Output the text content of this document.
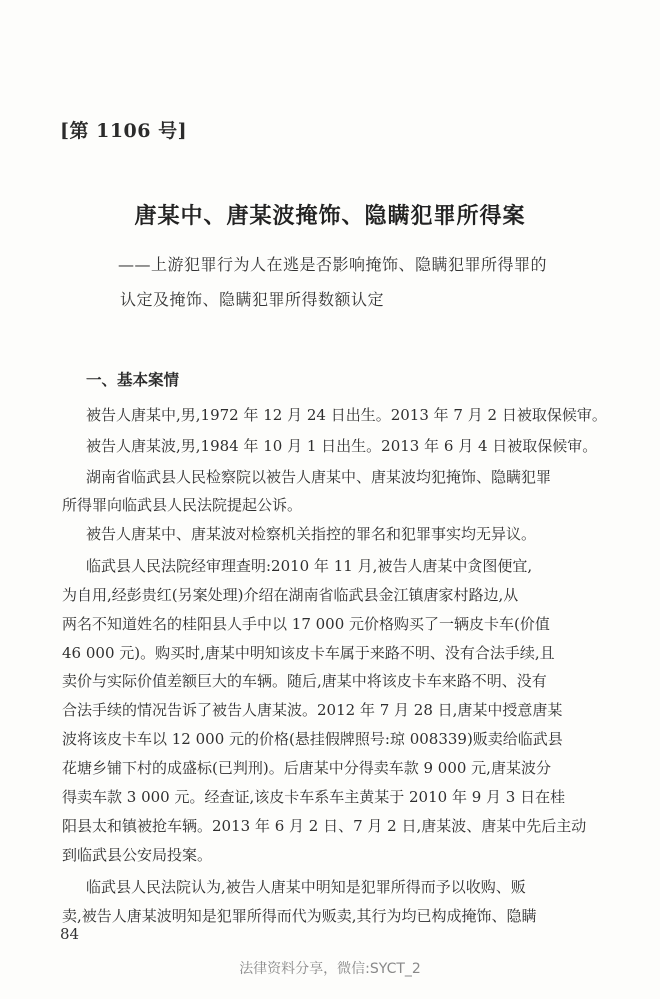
[第 1106 号]
唐某中、唐某波掩饰、隐瞒犯罪所得案
——上游犯罪行为人在逃是否影响掩饰、隐瞒犯罪所得罪的
认定及掩饰、隐瞒犯罪所得数额认定
一、基本案情
被告人唐某中,男,1972 年 12 月 24 日出生。2013 年 7 月 2 日被取保候审。
被告人唐某波,男,1984 年 10 月 1 日出生。2013 年 6 月 4 日被取保候审。
湖南省临武县人民检察院以被告人唐某中、唐某波均犯掩饰、隐瞒犯罪
所得罪向临武县人民法院提起公诉。
被告人唐某中、唐某波对检察机关指控的罪名和犯罪事实均无异议。
临武县人民法院经审理查明:2010 年 11 月,被告人唐某中贪图便宜,
为自用,经彭贵红(另案处理)介绍在湖南省临武县金江镇唐家村路边,从
两名不知道姓名的桂阳县人手中以 17 000 元价格购买了一辆皮卡车(价值
46 000 元)。购买时,唐某中明知该皮卡车属于来路不明、没有合法手续,且
卖价与实际价值差额巨大的车辆。随后,唐某中将该皮卡车来路不明、没有
合法手续的情况告诉了被告人唐某波。2012 年 7 月 28 日,唐某中授意唐某
波将该皮卡车以 12 000 元的价格(悬挂假牌照号:琼 008339)贩卖给临武县
花塘乡铺下村的成盛标(已判刑)。后唐某中分得卖车款 9 000 元,唐某波分
得卖车款 3 000 元。经查证,该皮卡车系车主黄某于 2010 年 9 月 3 日在桂
阳县太和镇被抢车辆。2013 年 6 月 2 日、7 月 2 日,唐某波、唐某中先后主动
到临武县公安局投案。
临武县人民法院认为,被告人唐某中明知是犯罪所得而予以收购、贩
卖,被告人唐某波明知是犯罪所得而代为贩卖,其行为均已构成掩饰、隐瞒
84
法律资料分享，微信:SYCT_2
